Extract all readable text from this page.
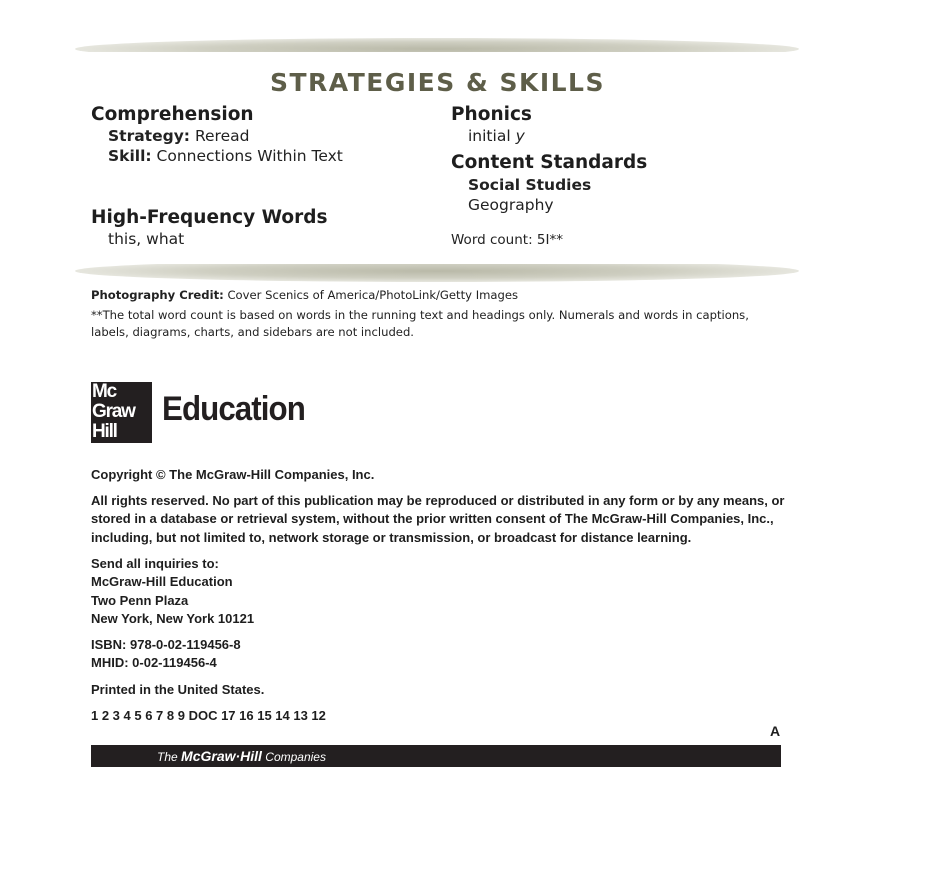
STRATEGIES & SKILLS
Comprehension
Strategy: Reread
Skill: Connections Within Text
High-Frequency Words
this, what
Phonics
initial y
Content Standards
Social Studies
Geography
Word count: 5I**
Photography Credit: Cover Scenics of America/PhotoLink/Getty Images
**The total word count is based on words in the running text and headings only. Numerals and words in captions, labels, diagrams, charts, and sidebars are not included.
Mc
Graw
Hill
Education
Copyright © The McGraw-Hill Companies, Inc.
All rights reserved. No part of this publication may be reproduced or distributed in any form or by any means, or stored in a database or retrieval system, without the prior written consent of The McGraw-Hill Companies, Inc., including, but not limited to, network storage or transmission, or broadcast for distance learning.
Send all inquiries to:
McGraw-Hill Education
Two Penn Plaza
New York, New York 10121
ISBN: 978-0-02-119456-8
MHID: 0-02-119456-4
Printed in the United States.
1 2 3 4 5 6 7 8 9 DOC 17 16 15 14 13 12
A
The McGraw·Hill Companies
